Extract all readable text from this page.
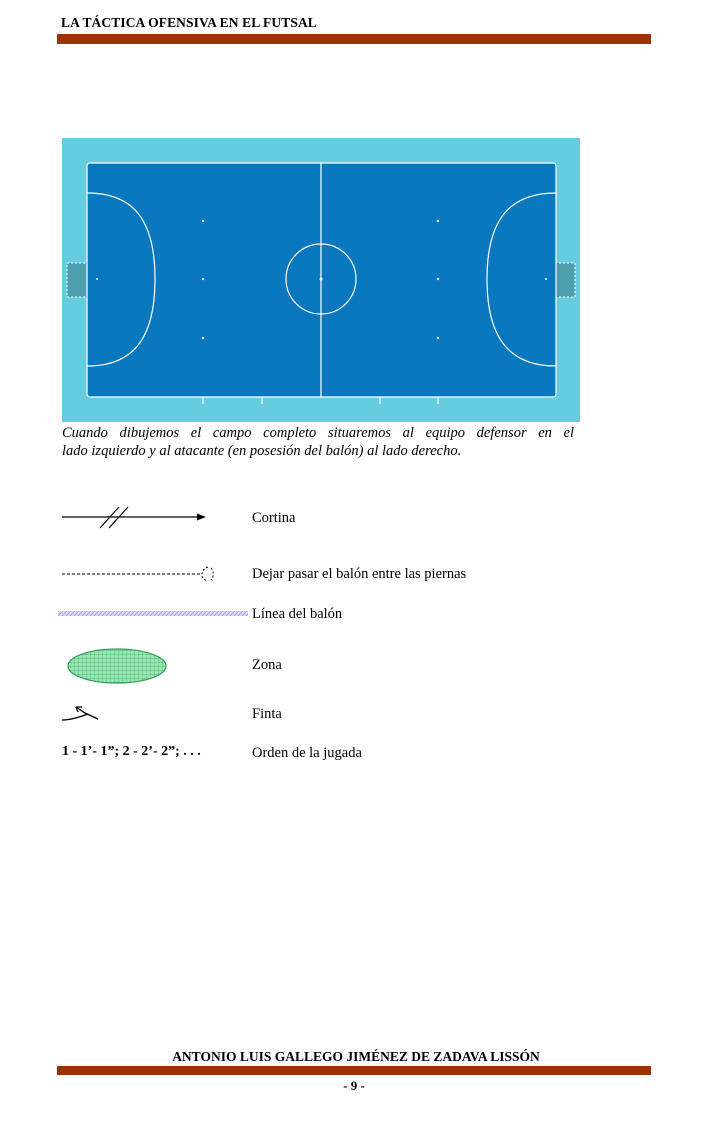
LA TÁCTICA OFENSIVA EN EL FUTSAL
Cuando dibujemos el campo completo situaremos al equipo defensor en el
lado izquierdo y al atacante (en posesión del balón) al lado derecho.
Cortina
Dejar pasar el balón entre las piernas
Línea del balón
Zona
Finta
1 - 1’- 1”; 2 - 2’- 2”; . . .	Orden de la jugada
ANTONIO LUIS GALLEGO JIMÉNEZ DE ZADAVA LISSÓN
- 9 -
